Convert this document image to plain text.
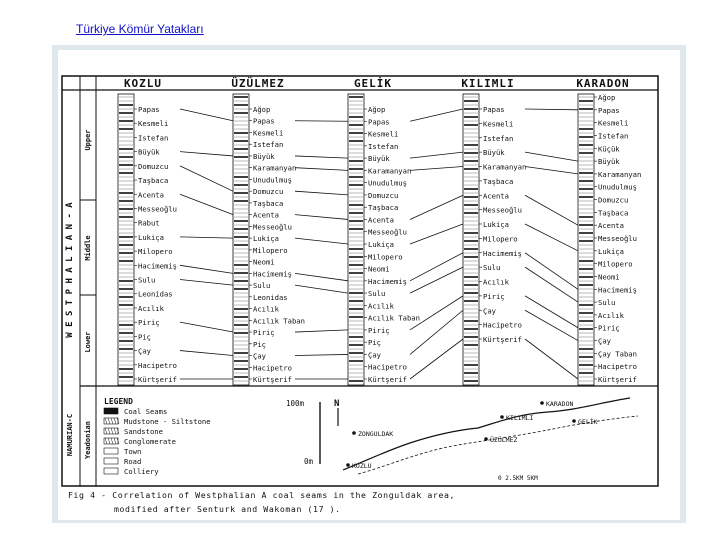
Türkiye Kömür Yatakları
W E S T P H A L I A N - A
Upper
Middle
Lower
NAMURIAN-C Yeadonian
KOZLU	ÜZÜLMEZ	GELİK	KILIMLI	KARADON
Papas
Kesmeli
Istefan
Büyük
Domuzcu
Taşbaca
Acenta
Messeoğlu
Rabut
Lukiça
Milopero
Hacimemiş
Sulu
Leonidas
Acılık
Piriç
Piç
Çay
Hacipetro
Kürtşerif
Ağop
Papas
Kesmeli
Istefan
Büyük
Karamanyan
Unudulmuş
Domuzcu
Taşbaca
Acenta
Messeoğlu
Lukiça
Milopero
Neomi
Hacimemiş
Sulu
Leonidas
Acılık
Acılık Taban
Piriç
Piç
Çay
Hacipetro
Kürtşerif
Ağop
Papas
Kesmeli
Istefan
Büyük
Karamanyan
Unudulmuş
Domuzcu
Taşbaca
Acenta
Messeoğlu
Lukiça
Milopero
Neomi
Hacimemiş
Sulu
Acılık
Acılık Taban
Piriç
Piç
Çay
Hacipetro
Kürtşerif
Papas
Kesmeli
Istefan
Büyük
Karamanyan
Taşbaca
Acenta
Messeoğlu
Lukiça
Milopero
Hacimemiş
Sulu
Acılık
Piriç
Çay
Hacipetro
Kürtşerif
Ağop
Papas
Kesmeli
Istefan
Küçük
Büyük
Karamanyan
Unudulmuş
Domuzcu
Taşbaca
Acenta
Messeoğlu
Lukiça
Milopero
Neomi
Hacimemiş
Sulu
Acılık
Piriç
Çay
Çay Taban
Hacipetro
Kürtşerif
LEGEND
Coal Seams
Mudstone - Siltstone
Sandstone
Conglomerate
Town
Road
Colliery
100m
0m
N	KARADON
KILIMLI	GELİK
ÜZÜLMEZ
ZONGULDAK
KOZLU
0 2.5KM 5KM
Fig 4 - Correlation of Westphalian A coal seams in the Zonguldak area,
modified after Senturk and Wakoman (17 ).
